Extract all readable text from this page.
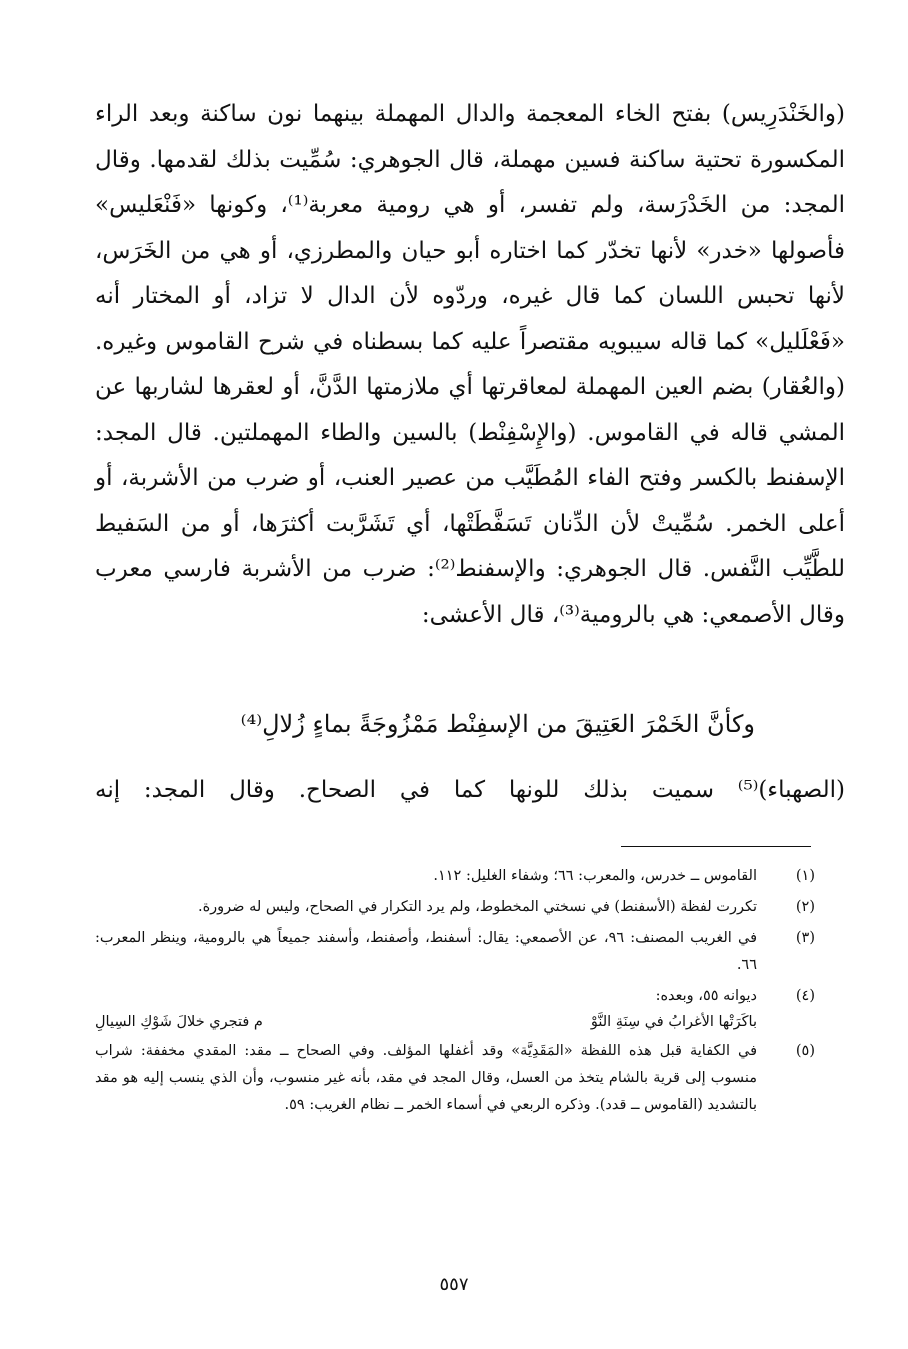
(والخَنْدَرِيس) بفتح الخاء المعجمة والدال المهملة بينهما نون ساكنة وبعد الراء المكسورة تحتية ساكنة فسين مهملة، قال الجوهري: سُمِّيت بذلك لقدمها. وقال المجد: من الخَدْرَسة، ولم تفسر، أو هي رومية معربة⁽¹⁾، وكونها «فَنْعَليس» فأصولها «خدر» لأنها تخدّر كما اختاره أبو حيان والمطرزي، أو هي من الخَرَس، لأنها تحبس اللسان كما قال غيره، وردّوه لأن الدال لا تزاد، أو المختار أنه «فَعْلَليل» كما قاله سيبويه مقتصراً عليه كما بسطناه في شرح القاموس وغيره. (والعُقار) بضم العين المهملة لمعاقرتها أي ملازمتها الدَّنَّ، أو لعقرها لشاربها عن المشي قاله في القاموس. (والإِسْفِنْط) بالسين والطاء المهملتين. قال المجد: الإسفنط بالكسر وفتح الفاء المُطَيَّب من عصير العنب، أو ضرب من الأشربة، أو أعلى الخمر. سُمِّيتْ لأن الدِّنان تَسَفَّطَتْها، أي تَشَرَّبت أكثرَها، أو من السَفيط للطَّيِّب النَّفس. قال الجوهري: والإسفنط⁽²⁾: ضرب من الأشربة فارسي معرب وقال الأصمعي: هي بالرومية⁽³⁾، قال الأعشى:

وكأنَّ الخَمْرَ العَتِيقَ من الإسفِنْط مَمْزُوجَةً بماءٍ زُلالِ⁽⁴⁾

(الصهباء)⁽⁵⁾ سميت بذلك للونها كما في الصحاح. وقال المجد: إنه

(١)
القاموس ــ خدرس، والمعرب: ٦٦؛ وشفاء الغليل: ١١٢.
(٢)
تكررت لفظة (الأسفنط) في نسختي المخطوط، ولم يرد التكرار في الصحاح، وليس له ضرورة.
(٣)
في الغريب المصنف: ٩٦، عن الأصمعي: يقال: أسفنط، وأصفنط، وأسفند جميعاً هي بالرومية، وينظر المعرب: ٦٦.
(٤)
ديوانه ٥٥، وبعده:
باكَرَتْها الأغرابُ في سِنَةِ النَّوْ
م فتجري خلالَ شَوْكِ السِيالِ
(٥)
في الكفاية قبل هذه اللفظة «المَقَدِيَّة» وقد أغفلها المؤلف. وفي الصحاح ــ مقد: المقدي مخففة: شراب منسوب إلى قرية بالشام يتخذ من العسل، وقال المجد في مقد، بأنه غير منسوب، وأن الذي ينسب إليه هو مقد بالتشديد (القاموس ــ قدد). وذكره الربعي في أسماء الخمر ــ نظام الغريب: ٥٩.
٥٥٧
